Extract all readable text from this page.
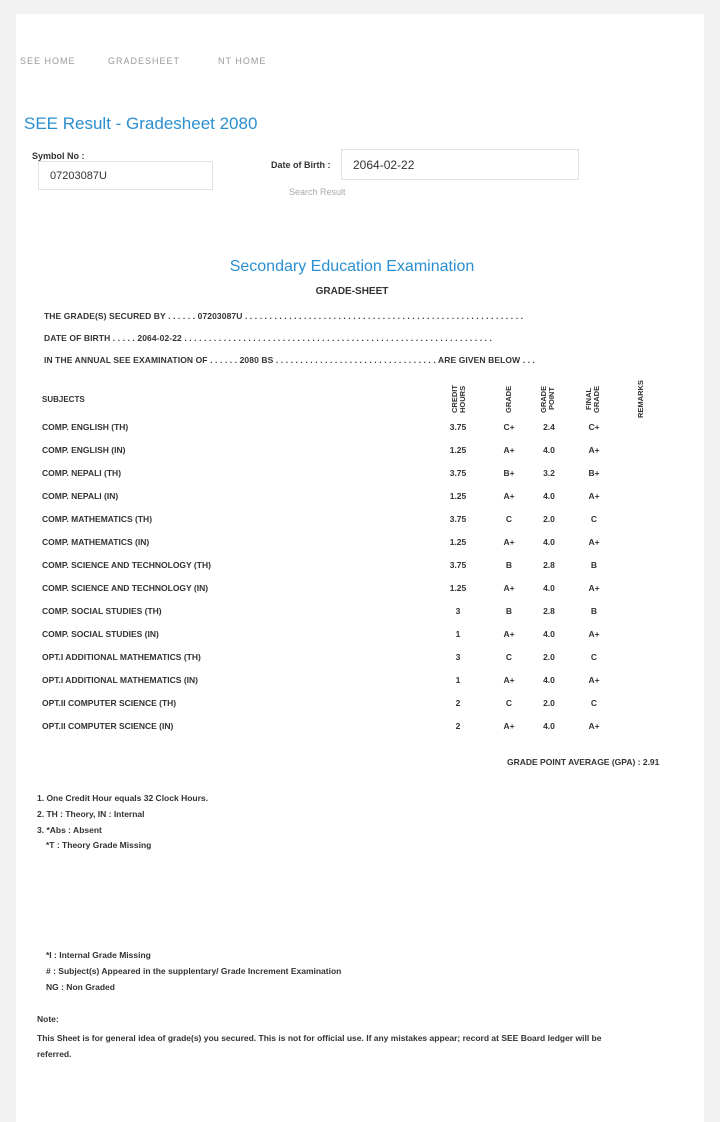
SEE HOME	GRADESHEET	NT HOME
SEE Result - Gradesheet 2080
Symbol No :
07203087U
Date of Birth : 2064-02-22
Search Result
Secondary Education Examination
GRADE-SHEET
THE GRADE(S) SECURED BY . . . . . . 07203087U . . . . . . . . . . . . . . . . . . . . . . . . . . . . . . . . . . . . . . . . . . . . . . . . . . . . . . . . .
DATE OF BIRTH . . . . . 2064-02-22 . . . . . . . . . . . . . . . . . . . . . . . . . . . . . . . . . . . . . . . . . . . . . . . . . . . . . . . . . . . . . . .
IN THE ANNUAL SEE EXAMINATION OF . . . . . . 2080 BS . . . . . . . . . . . . . . . . . . . . . . . . . . . . . . . . . ARE GIVEN BELOW . . .
SUBJECTS	CREDIT HOURS	GRADE	GRADE POINT	FINAL GRADE	REMARKS
COMP. ENGLISH (TH)	3.75	C+	2.4	C+
COMP. ENGLISH (IN)	1.25	A+	4.0	A+
COMP. NEPALI (TH)	3.75	B+	3.2	B+
COMP. NEPALI (IN)	1.25	A+	4.0	A+
COMP. MATHEMATICS (TH)	3.75	C	2.0	C
COMP. MATHEMATICS (IN)	1.25	A+	4.0	A+
COMP. SCIENCE AND TECHNOLOGY (TH)	3.75	B	2.8	B
COMP. SCIENCE AND TECHNOLOGY (IN)	1.25	A+	4.0	A+
COMP. SOCIAL STUDIES (TH)	3	B	2.8	B
COMP. SOCIAL STUDIES (IN)	1	A+	4.0	A+
OPT.I ADDITIONAL MATHEMATICS (TH)	3	C	2.0	C
OPT.I ADDITIONAL MATHEMATICS (IN)	1	A+	4.0	A+
OPT.II COMPUTER SCIENCE (TH)	2	C	2.0	C
OPT.II COMPUTER SCIENCE (IN)	2	A+	4.0	A+
GRADE POINT AVERAGE (GPA) : 2.91
1. One Credit Hour equals 32 Clock Hours.
2. TH : Theory, IN : Internal
3. *Abs : Absent
*T : Theory Grade Missing
*I : Internal Grade Missing
# : Subject(s) Appeared in the supplentary/ Grade Increment Examination
NG : Non Graded
Note:
This Sheet is for general idea of grade(s) you secured. This is not for official use. If any mistakes appear; record at SEE Board ledger will be referred.
